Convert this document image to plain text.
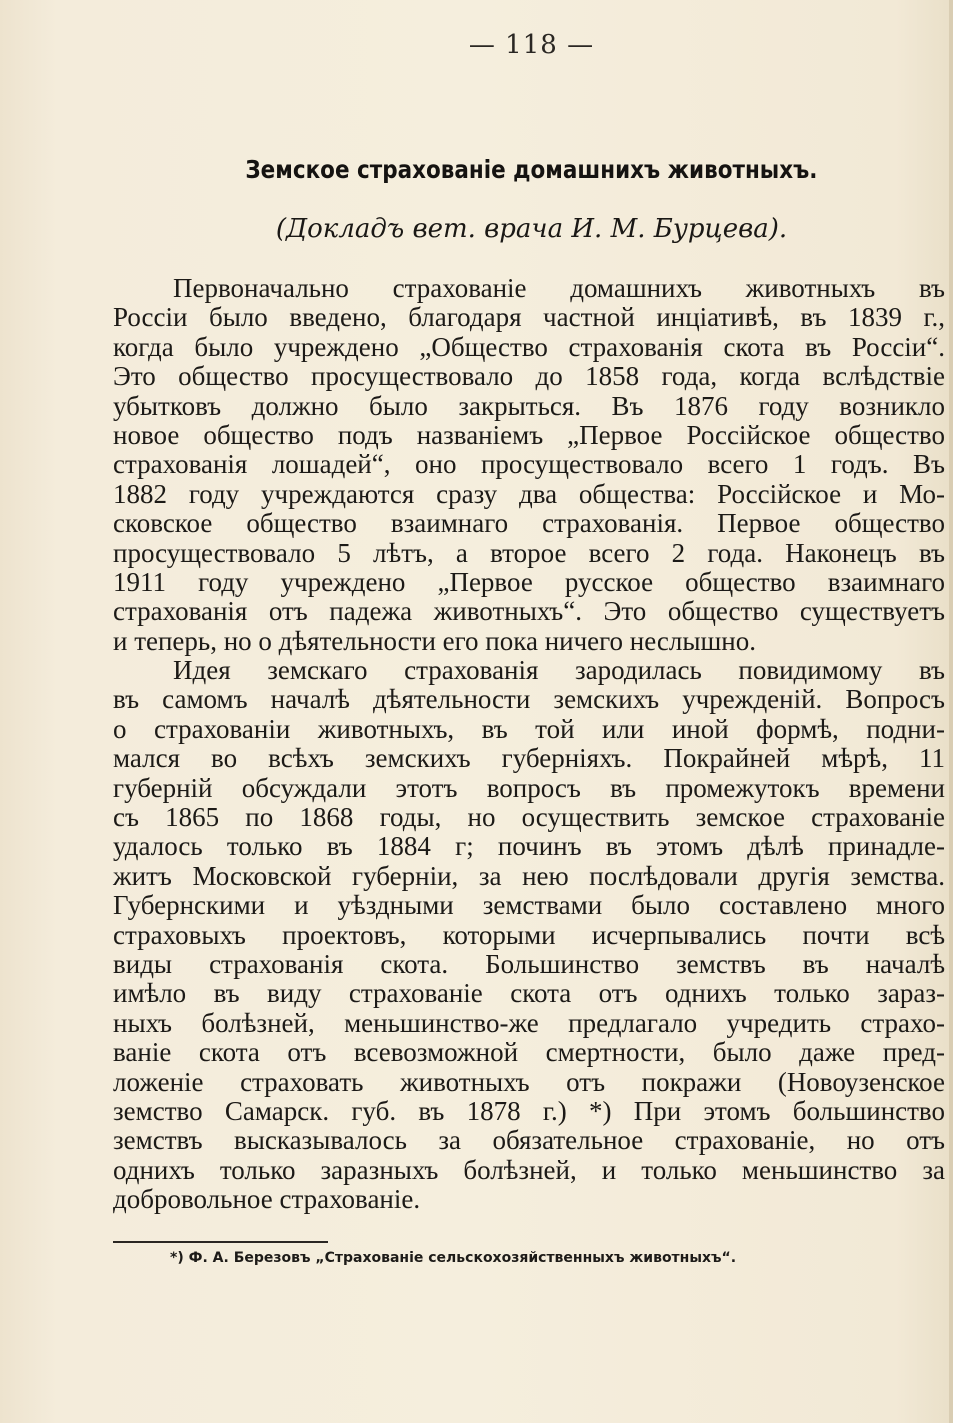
— 118 —
Земское страхованіе домашнихъ животныхъ.
(Докладъ вет. врача И. М. Бурцева).
Первоначально страхованіе домашнихъ животныхъ въ
Россіи было введено, благодаря частной инціативѣ, въ 1839 г.,
когда было учреждено „Общество страхованія скота въ Россіи“.
Это общество просуществовало до 1858 года, когда вслѣдствіе
убытковъ должно было закрыться. Въ 1876 году возникло
новое общество подъ названіемъ „Первое Россійское общество
страхованія лошадей“, оно просуществовало всего 1 годъ. Въ
1882 году учреждаются сразу два общества: Россійское и Мо-
сковское общество взаимнаго страхованія. Первое общество
просуществовало 5 лѣтъ, а второе всего 2 года. Наконецъ въ
1911 году учреждено „Первое русское общество взаимнаго
страхованія отъ падежа животныхъ“. Это общество существуетъ
и теперь, но о дѣятельности его пока ничего неслышно.
Идея земскаго страхованія зародилась повидимому въ
въ самомъ началѣ дѣятельности земскихъ учрежденій. Вопросъ
о страхованіи животныхъ, въ той или иной формѣ, подни-
мался во всѣхъ земскихъ губерніяхъ. Покрайней мѣрѣ, 11
губерній обсуждали этотъ вопросъ въ промежутокъ времени
съ 1865 по 1868 годы, но осуществить земское страхованіе
удалось только въ 1884 г; починъ въ этомъ дѣлѣ принадле-
житъ Московской губерніи, за нею послѣдовали другія земства.
Губернскими и уѣздными земствами было составлено много
страховыхъ проектовъ, которыми исчерпывались почти всѣ
виды страхованія скота. Большинство земствъ въ началѣ
имѣло въ виду страхованіе скота отъ однихъ только зараз-
ныхъ болѣзней, меньшинство-же предлагало учредить страхо-
ваніе скота отъ всевозможной смертности, было даже пред-
ложеніе страховать животныхъ отъ покражи (Новоузенское
земство Самарск. губ. въ 1878 г.) *) При этомъ большинство
земствъ высказывалось за обязательное страхованіе, но отъ
однихъ только заразныхъ болѣзней, и только меньшинство за
добровольное страхованіе.
*) Ф. А. Березовъ „Страхованіе сельскохозяйственныхъ животныхъ“.
